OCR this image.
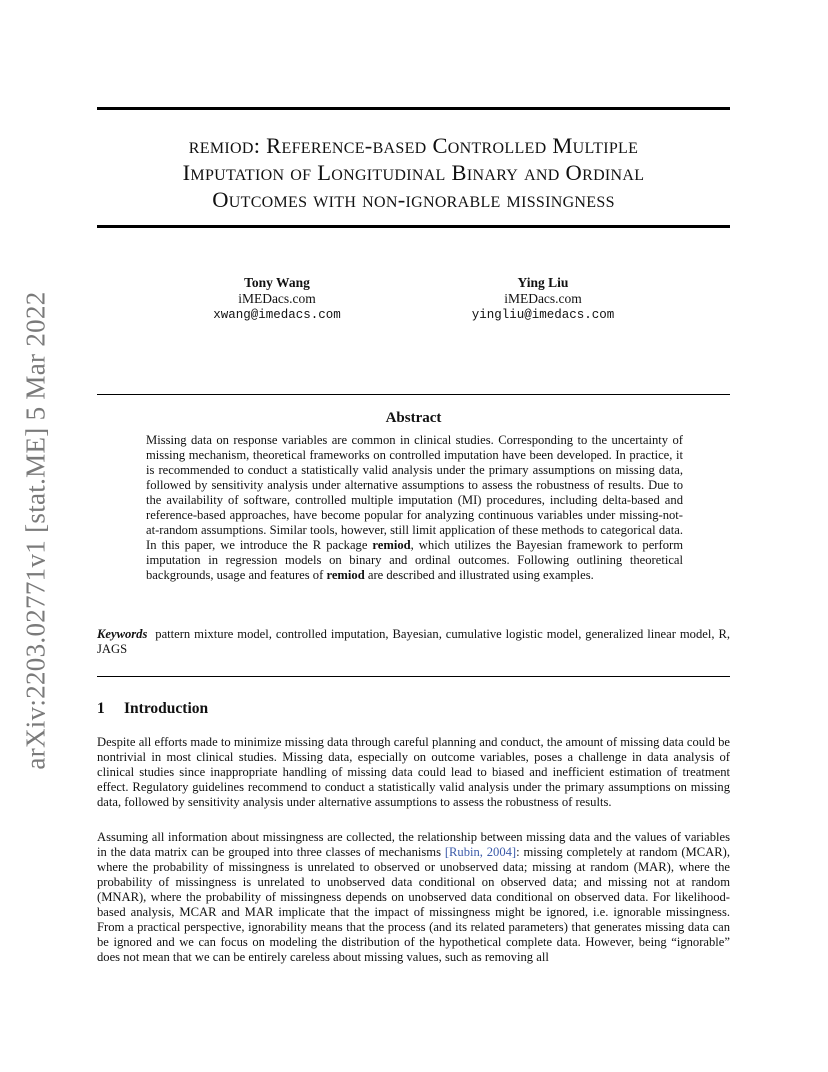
arXiv:2203.02771v1 [stat.ME] 5 Mar 2022
remiod: Reference-based Controlled Multiple
Imputation of Longitudinal Binary and Ordinal
Outcomes with non-ignorable missingness
Tony Wang
iMEDacs.com
xwang@imedacs.com
Ying Liu
iMEDacs.com
yingliu@imedacs.com
Abstract

Missing data on response variables are common in clinical studies. Corresponding to the uncertainty of missing mechanism, theoretical frameworks on controlled imputation have been developed. In practice, it is recommended to conduct a statistically valid analysis under the primary assumptions on missing data, followed by sensitivity analysis under alternative assumptions to assess the robustness of results. Due to the availability of software, controlled multiple imputation (MI) procedures, including delta-based and reference-based approaches, have become popular for analyzing continuous variables under missing-not-at-random assumptions. Similar tools, however, still limit application of these methods to categorical data. In this paper, we introduce the R package remiod, which utilizes the Bayesian framework to perform imputation in regression models on binary and ordinal outcomes. Following outlining theoretical backgrounds, usage and features of remiod are described and illustrated using examples.

Keywords pattern mixture model, controlled imputation, Bayesian, cumulative logistic model, generalized linear model, R, JAGS

1 Introduction

Despite all efforts made to minimize missing data through careful planning and conduct, the amount of missing data could be nontrivial in most clinical studies. Missing data, especially on outcome variables, poses a challenge in data analysis of clinical studies since inappropriate handling of missing data could lead to biased and inefficient estimation of treatment effect. Regulatory guidelines recommend to conduct a statistically valid analysis under the primary assumptions on missing data, followed by sensitivity analysis under alternative assumptions to assess the robustness of results.

Assuming all information about missingness are collected, the relationship between missing data and the values of variables in the data matrix can be grouped into three classes of mechanisms [Rubin, 2004]: missing completely at random (MCAR), where the probability of missingness is unrelated to observed or unobserved data; missing at random (MAR), where the probability of missingness is unrelated to unobserved data conditional on observed data; and missing not at random (MNAR), where the probability of missingness depends on unobserved data conditional on observed data. For likelihood-based analysis, MCAR and MAR implicate that the impact of missingness might be ignored, i.e. ignorable missingness. From a practical perspective, ignorability means that the process (and its related parameters) that generates missing data can be ignored and we can focus on modeling the distribution of the hypothetical complete data. However, being “ignorable” does not mean that we can be entirely careless about missing values, such as removing all
